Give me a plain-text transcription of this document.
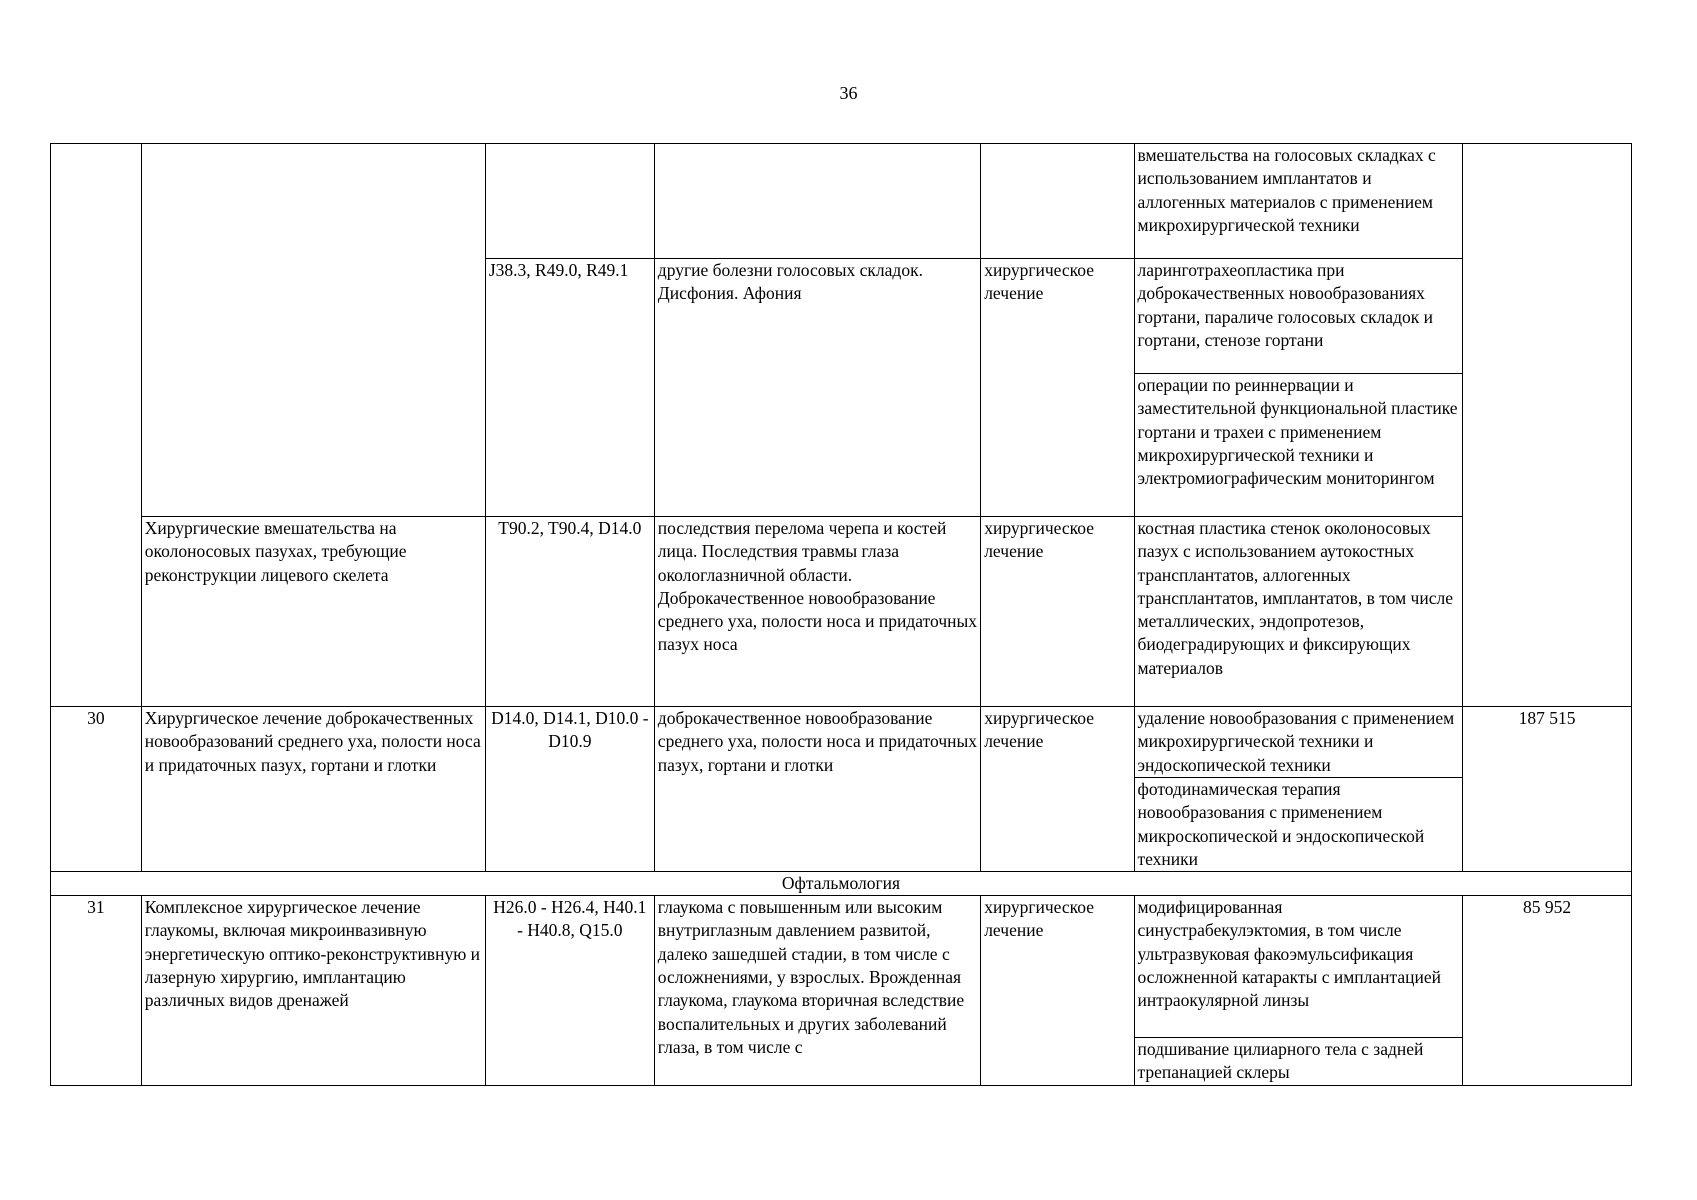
36
					вмешательства на голосовых складках с использованием имплантатов и аллогенных материалов с применением микрохирургической техники	
		J38.3, R49.0, R49.1	другие болезни голосовых складок. Дисфония. Афония	хирургическое лечение	ларинготрахеопластика при доброкачественных новообразованиях гортани, параличе голосовых складок и гортани, стенозе гортани	
					операции по реиннервации и заместительной функциональной пластике гортани и трахеи с применением микрохирургической техники и электромиографическим мониторингом	
	Хирургические вмешательства на околоносовых пазухах, требующие реконструкции лицевого скелета	T90.2, T90.4, D14.0	последствия перелома черепа и костей лица. Последствия травмы глаза окологлазничной области. Доброкачественное новообразование среднего уха, полости носа и придаточных пазух носа	хирургическое лечение	костная пластика стенок околоносовых пазух с использованием аутокостных трансплантатов, аллогенных трансплантатов, имплантатов, в том числе металлических, эндопротезов, биодеградирующих и фиксирующих материалов	
30	Хирургическое лечение доброкачественных новообразований среднего уха, полости носа и придаточных пазух, гортани и глотки	D14.0, D14.1, D10.0 - D10.9	доброкачественное новообразование среднего уха, полости носа и придаточных пазух, гортани и глотки	хирургическое лечение	удаление новообразования с применением микрохирургической техники и эндоскопической техники	187 515
					фотодинамическая терапия новообразования с применением микроскопической и эндоскопической техники	
Офтальмология						
31	Комплексное хирургическое лечение глаукомы, включая микроинвазивную энергетическую оптико-реконструктивную и лазерную хирургию, имплантацию различных видов дренажей	H26.0 - H26.4, H40.1 - H40.8, Q15.0	глаукома с повышенным или высоким внутриглазным давлением развитой, далеко зашедшей стадии, в том числе с осложнениями, у взрослых. Врожденная глаукома, глаукома вторичная вследствие воспалительных и других заболеваний глаза, в том числе с	хирургическое лечение	модифицированная синустрабекулэктомия, в том числе ультразвуковая факоэмульсификация осложненной катаракты с имплантацией интраокулярной линзы	85 952
					подшивание цилиарного тела с задней трепанацией склеры	
